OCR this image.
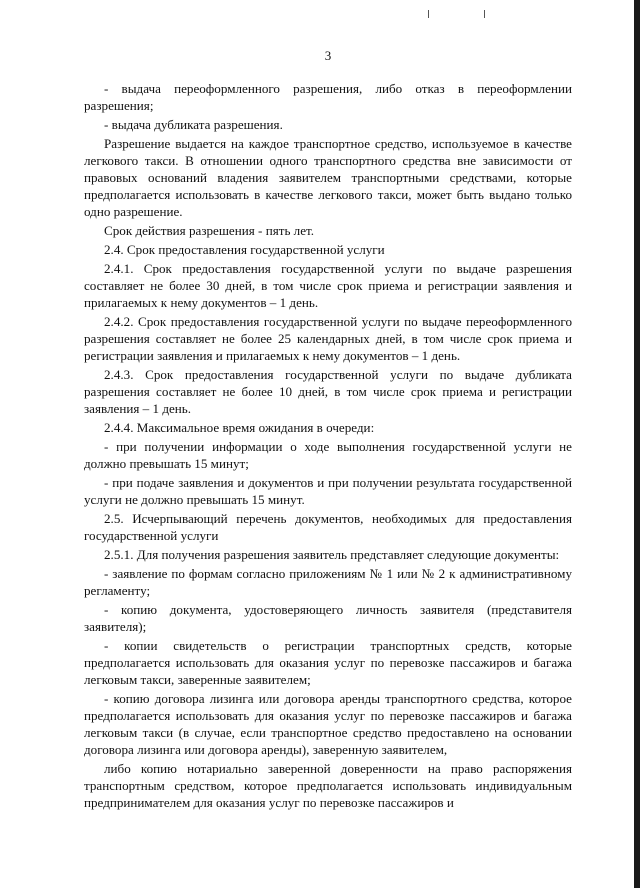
3

- выдача переоформленного разрешения, либо отказ в переоформлении разрешения;

- выдача дубликата разрешения.

Разрешение выдается на каждое транспортное средство, используемое в качестве легкового такси. В отношении одного транспортного средства вне зависимости от правовых оснований владения заявителем транспортными средствами, которые предполагается использовать в качестве легкового такси, может быть выдано только одно разрешение.

Срок действия разрешения - пять лет.

2.4. Срок предоставления государственной услуги

2.4.1. Срок предоставления государственной услуги по выдаче разрешения составляет не более 30 дней, в том числе срок приема и регистрации заявления и прилагаемых к нему документов – 1 день.

2.4.2. Срок предоставления государственной услуги по выдаче переоформленного разрешения составляет не более 25 календарных дней, в том числе срок приема и регистрации заявления и прилагаемых к нему документов – 1 день.

2.4.3. Срок предоставления государственной услуги по выдаче дубликата разрешения составляет не более 10 дней, в том числе срок приема и регистрации заявления – 1 день.

2.4.4. Максимальное время ожидания в очереди:

- при получении информации о ходе выполнения государственной услуги не должно превышать 15 минут;

- при подаче заявления и документов и при получении результата государственной услуги не должно превышать 15 минут.

2.5. Исчерпывающий перечень документов, необходимых для предоставления государственной услуги

2.5.1. Для получения разрешения заявитель представляет следующие документы:

- заявление по формам согласно приложениям № 1 или № 2 к административному регламенту;

- копию документа, удостоверяющего личность заявителя (представителя заявителя);

- копии свидетельств о регистрации транспортных средств, которые предполагается использовать для оказания услуг по перевозке пассажиров и багажа легковым такси, заверенные заявителем;

- копию договора лизинга или договора аренды транспортного средства, которое предполагается использовать для оказания услуг по перевозке пассажиров и багажа легковым такси (в случае, если транспортное средство предоставлено на основании договора лизинга или договора аренды), заверенную заявителем,

либо копию нотариально заверенной доверенности на право распоряжения транспортным средством, которое предполагается использовать индивидуальным предпринимателем для оказания услуг по перевозке пассажиров и
